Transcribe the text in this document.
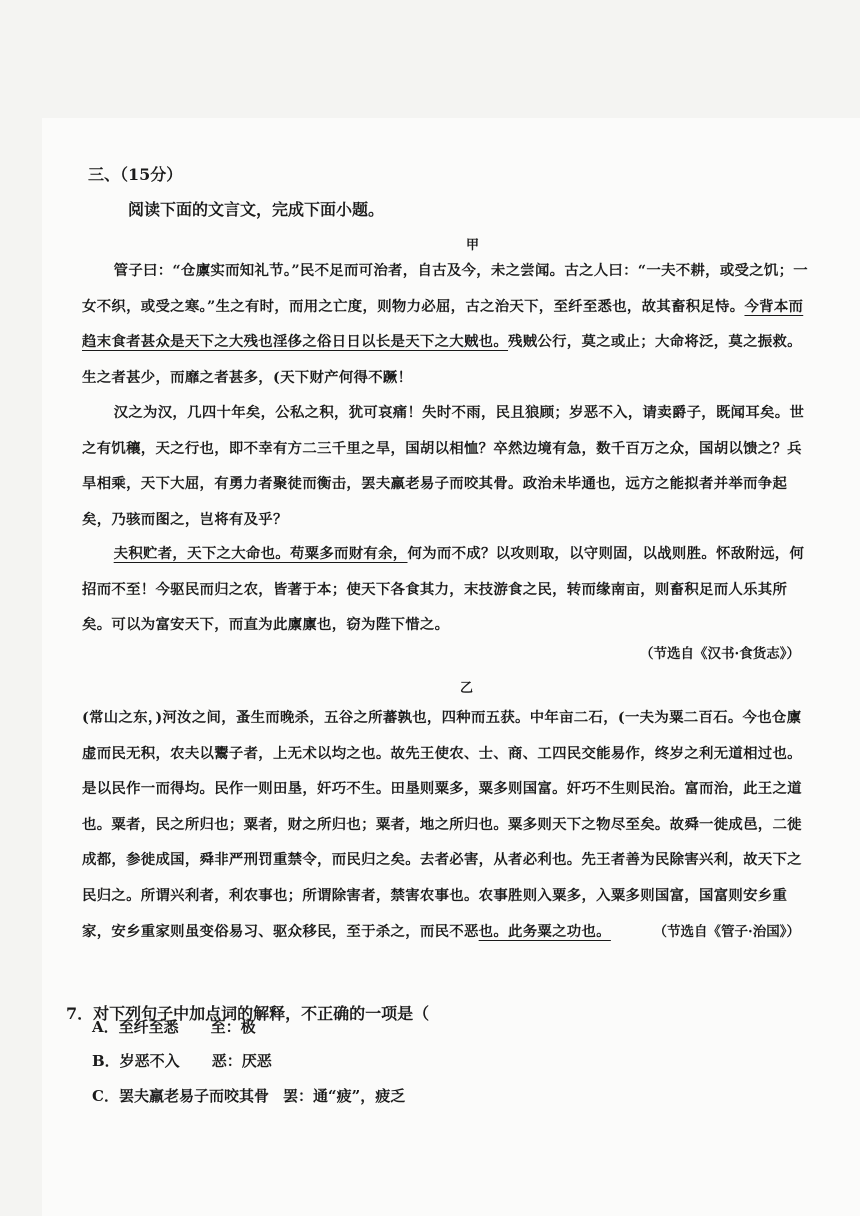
三、（15分）
阅读下面的文言文，完成下面小题。
甲

管子曰：“仓廪实而知礼节。”民不足而可治者，自古及今，未之尝闻。古之人曰：“一夫不耕，或受之饥；一女不织，或受之寒。”生之有时，而用之亡度，则物力必屈，古之治天下，至纤至悉也，故其畜积足恃。今背本而趋末食者甚众是天下之大残也淫侈之俗日日以长是天下之大贼也。残贼公行，莫之或止；大命将泛，莫之振救。生之者甚少，而靡之者甚多，(天下财产何得不蹶！

汉之为汉，几四十年矣，公私之积，犹可哀痛！失时不雨，民且狼顾；岁恶不入，请卖爵子，既闻耳矣。世之有饥穰，天之行也，即不幸有方二三千里之旱，国胡以相恤？卒然边境有急，数千百万之众，国胡以馈之？兵旱相乘，天下大屈，有勇力者聚徒而衡击，罢夫羸老易子而咬其骨。政治未毕通也，远方之能拟者并举而争起矣，乃骇而图之，岂将有及乎？

夫积贮者，天下之大命也。苟粟多而财有余，何为而不成？以攻则取，以守则固，以战则胜。怀敌附远，何招而不至！今驱民而归之农，皆著于本；使天下各食其力，末技游食之民，转而缘南亩，则畜积足而人乐其所矣。可以为富安天下，而直为此廪廪也，窃为陛下惜之。

（节选自《汉书·食货志》）
乙

(常山之东，)河汝之间，蚤生而晚杀，五谷之所蕃孰也，四种而五获。中年亩二石，(一夫为粟二百石。今也仓廪虚而民无积，农夫以鬻子者，上无术以均之也。故先王使农、士、商、工四民交能易作，终岁之利无道相过也。是以民作一而得均。民作一则田垦，奸巧不生。田垦则粟多，粟多则国富。奸巧不生则民治。富而治，此王之道也。粟者，民之所归也；粟者，财之所归也；粟者，地之所归也。粟多则天下之物尽至矣。故舜一徙成邑，二徙成都，参徙成国，舜非严刑罚重禁令，而民归之矣。去者必害，从者必利也。先王者善为民除害兴利，故天下之民归之。所谓兴利者，利农事也；所谓除害者，禁害农事也。农事胜则入粟多，入粟多则国富，国富则安乡重家，安乡重家则虽变俗易习、驱众移民，至于杀之，而民不恶也。此务粟之功也。	（节选自《管子·治国》）
7．对下列句子中加点词的解释，不正确的一项是（
A．至纤至悉 至：极
B．岁恶不入 恶：厌恶
C．罢夫羸老易子而咬其骨 罢：通“疲”，疲乏
